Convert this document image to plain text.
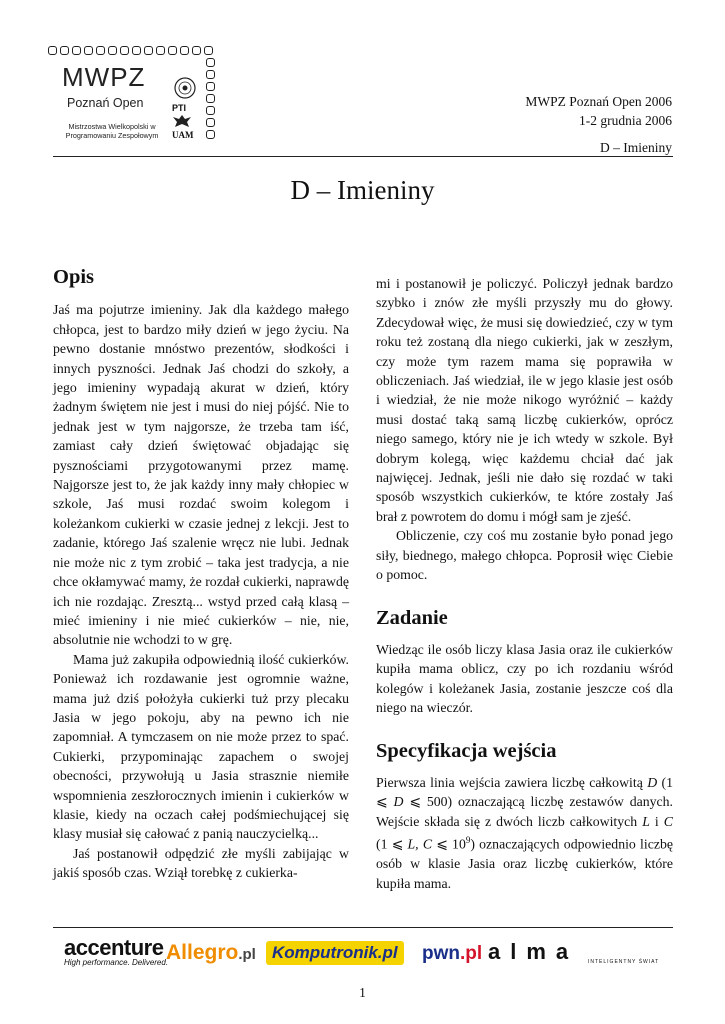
MWPZ
Poznań Open
Mistrzostwa Wielkopolski w
Programowaniu Zespołowym
PTI
UAM
MWPZ Poznań Open 2006
1-2 grudnia 2006
D – Imieniny
D – Imieniny
Opis

Jaś ma pojutrze imieniny. Jak dla każdego małego chłopca, jest to bardzo miły dzień w jego życiu. Na pewno dostanie mnóstwo prezentów, słodkości i innych pyszności. Jednak Jaś chodzi do szkoły, a jego imieniny wypadają akurat w dzień, który żadnym świętem nie jest i musi do niej pójść. Nie to jednak jest w tym najgorsze, że trzeba tam iść, zamiast cały dzień świętować objadając się pysznościami przygotowanymi przez mamę. Najgorsze jest to, że jak każdy inny mały chłopiec w szkole, Jaś musi rozdać swoim kolegom i koleżankom cukierki w czasie jednej z lekcji. Jest to zadanie, którego Jaś szalenie wręcz nie lubi. Jednak nie może nic z tym zrobić – taka jest tradycja, a nie chce okłamywać mamy, że rozdał cukierki, naprawdę ich nie rozdając. Zresztą... wstyd przed całą klasą – mieć imieniny i nie mieć cukierków – nie, nie, absolutnie nie wchodzi to w grę.

Mama już zakupiła odpowiednią ilość cukierków. Ponieważ ich rozdawanie jest ogromnie ważne, mama już dziś położyła cukierki tuż przy plecaku Jasia w jego pokoju, aby na pewno ich nie zapomniał. A tymczasem on nie może przez to spać. Cukierki, przypominając zapachem o swojej obecności, przywołują u Jasia strasznie niemiłe wspomnienia zeszłorocznych imienin i cukierków w klasie, kiedy na oczach całej podśmiechującej się klasy musiał się całować z panią nauczycielką...

Jaś postanowił odpędzić złe myśli zabijając w jakiś sposób czas. Wziął torebkę z cukierka-

mi i postanowił je policzyć. Policzył jednak bardzo szybko i znów złe myśli przyszły mu do głowy. Zdecydował więc, że musi się dowiedzieć, czy w tym roku też zostaną dla niego cukierki, jak w zeszłym, czy może tym razem mama się poprawiła w obliczeniach. Jaś wiedział, ile w jego klasie jest osób i wiedział, że nie może nikogo wyróżnić – każdy musi dostać taką samą liczbę cukierków, oprócz niego samego, który nie je ich wtedy w szkole. Był dobrym kolegą, więc każdemu chciał dać jak najwięcej. Jednak, jeśli nie dało się rozdać w taki sposób wszystkich cukierków, te które zostały Jaś brał z powrotem do domu i mógł sam je zjeść.

Obliczenie, czy coś mu zostanie było ponad jego siły, biednego, małego chłopca. Poprosił więc Ciebie o pomoc.

Zadanie

Wiedząc ile osób liczy klasa Jasia oraz ile cukierków kupiła mama oblicz, czy po ich rozdaniu wśród kolegów i koleżanek Jasia, zostanie jeszcze coś dla niego na wieczór.

Specyfikacja wejścia

Pierwsza linia wejścia zawiera liczbę całkowitą D (1 ⩽ D ⩽ 500) oznaczającą liczbę zestawów danych. Wejście składa się z dwóch liczb całkowitych L i C (1 ⩽ L, C ⩽ $10^9$) oznaczających odpowiednio liczbę osób w klasie Jasia oraz liczbę cukierków, które kupiła mama.

accenture
High performance. Delivered.
Allegro.pl Komputronik.pl	pwn.pl alma INTELIGENTNY ŚWIAT
1
